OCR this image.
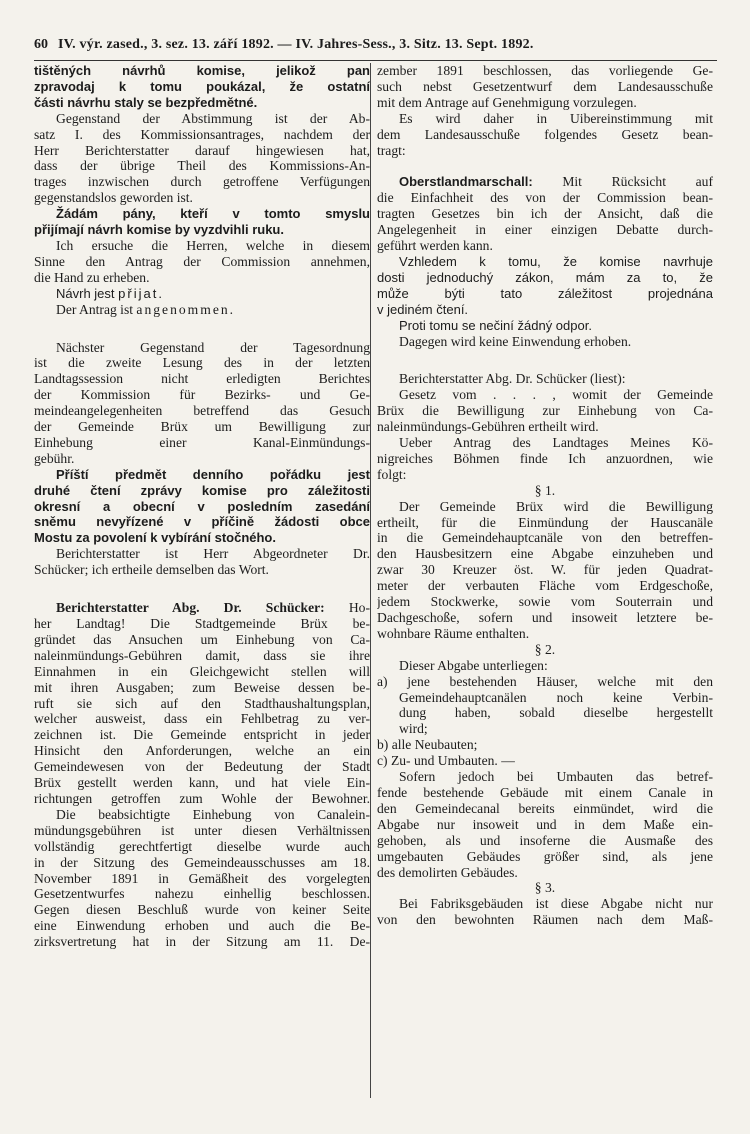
60 IV. výr. zased., 3. sez. 13. září 1892. — IV. Jahres-Sess., 3. Sitz. 13. Sept. 1892.
tištěných návrhů komise, jelikož pan
zpravodaj k tomu poukázal, že ostatní
části návrhu staly se bezpředmětné.
Gegenstand der Abstimmung ist der Ab-
satz I. des Kommissionsantrages, nachdem der
Herr Berichterstatter darauf hingewiesen hat,
dass der übrige Theil des Kommissions-An-
trages inzwischen durch getroffene Verfügungen
gegenstandslos geworden ist.
Žádám pány, kteří v tomto smyslu
přijímají návrh komise by vyzdvihli ruku.
Ich ersuche die Herren, welche in diesem
Sinne den Antrag der Commission annehmen,
die Hand zu erheben.
Návrh jest přijat.
Der Antrag ist angenommen.
Nächster Gegenstand der Tagesordnung
ist die zweite Lesung des in der letzten
Landtagssession nicht erledigten Berichtes
der Kommission für Bezirks- und Ge-
meindeangelegenheiten betreffend das Gesuch
der Gemeinde Brüx um Bewilligung zur
Einhebung einer Kanal-Einmündungs-
gebühr.
Příští předmět denního pořádku jest
druhé čtení zprávy komise pro záležitosti
okresní a obecní v posledním zasedání
sněmu nevyřízené v příčině žádosti obce
Mostu za povolení k vybírání stočného.
Berichterstatter ist Herr Abgeordneter Dr.
Schücker; ich ertheile demselben das Wort.
Berichterstatter Abg. Dr. Schücker: Ho-
her Landtag! Die Stadtgemeinde Brüx be-
gründet das Ansuchen um Einhebung von Ca-
naleinmündungs-Gebühren damit, dass sie ihre
Einnahmen in ein Gleichgewicht stellen will
mit ihren Ausgaben; zum Beweise dessen be-
ruft sie sich auf den Stadthaushaltungsplan,
welcher ausweist, dass ein Fehlbetrag zu ver-
zeichnen ist. Die Gemeinde entspricht in jeder
Hinsicht den Anforderungen, welche an ein
Gemeindewesen von der Bedeutung der Stadt
Brüx gestellt werden kann, und hat viele Ein-
richtungen getroffen zum Wohle der Bewohner.
Die beabsichtigte Einhebung von Canalein-
mündungsgebühren ist unter diesen Verhältnissen
vollständig gerechtfertigt dieselbe wurde auch
in der Sitzung des Gemeindeausschusses am 18.
November 1891 in Gemäßheit des vorgelegten
Gesetzentwurfes nahezu einhellig beschlossen.
Gegen diesen Beschluß wurde von keiner Seite
eine Einwendung erhoben und auch die Be-
zirksvertretung hat in der Sitzung am 11. De-
zember 1891 beschlossen, das vorliegende Ge-
such nebst Gesetzentwurf dem Landesausschuße
mit dem Antrage auf Genehmigung vorzulegen.
Es wird daher in Uibereinstimmung mit
dem Landesausschuße folgendes Gesetz bean-
tragt:
Oberstlandmarschall: Mit Rücksicht auf
die Einfachheit des von der Commission bean-
tragten Gesetzes bin ich der Ansicht, daß die
Angelegenheit in einer einzigen Debatte durch-
geführt werden kann.
Vzhledem k tomu, že komise navrhuje
dosti jednoduchý zákon, mám za to, že
může býti tato záležitost projednána
v jediném čtení.
Proti tomu se nečiní žádný odpor.
Dagegen wird keine Einwendung erhoben.
Berichterstatter Abg. Dr. Schücker (liest):
Gesetz vom . . . , womit der Gemeinde
Brüx die Bewilligung zur Einhebung von Ca-
naleinmündungs-Gebühren ertheilt wird.
Ueber Antrag des Landtages Meines Kö-
nigreiches Böhmen finde Ich anzuordnen, wie
folgt:
§ 1.
Der Gemeinde Brüx wird die Bewilligung
ertheilt, für die Einmündung der Hauscanäle
in die Gemeindehauptcanäle von den betreffen-
den Hausbesitzern eine Abgabe einzuheben und
zwar 30 Kreuzer öst. W. für jeden Quadrat-
meter der verbauten Fläche vom Erdgeschoße,
jedem Stockwerke, sowie vom Souterrain und
Dachgeschoße, sofern und insoweit letztere be-
wohnbare Räume enthalten.
§ 2.
Dieser Abgabe unterliegen:
a) jene bestehenden Häuser, welche mit den
Gemeindehauptcanälen noch keine Verbin-
dung haben, sobald dieselbe hergestellt
wird;
b) alle Neubauten;
c) Zu- und Umbauten. —
Sofern jedoch bei Umbauten das betref-
fende bestehende Gebäude mit einem Canale in
den Gemeindecanal bereits einmündet, wird die
Abgabe nur insoweit und in dem Maße ein-
gehoben, als und insoferne die Ausmaße des
umgebauten Gebäudes größer sind, als jene
des demolirten Gebäudes.
§ 3.
Bei Fabriksgebäuden ist diese Abgabe nicht nur
von den bewohnten Räumen nach dem Maß-
